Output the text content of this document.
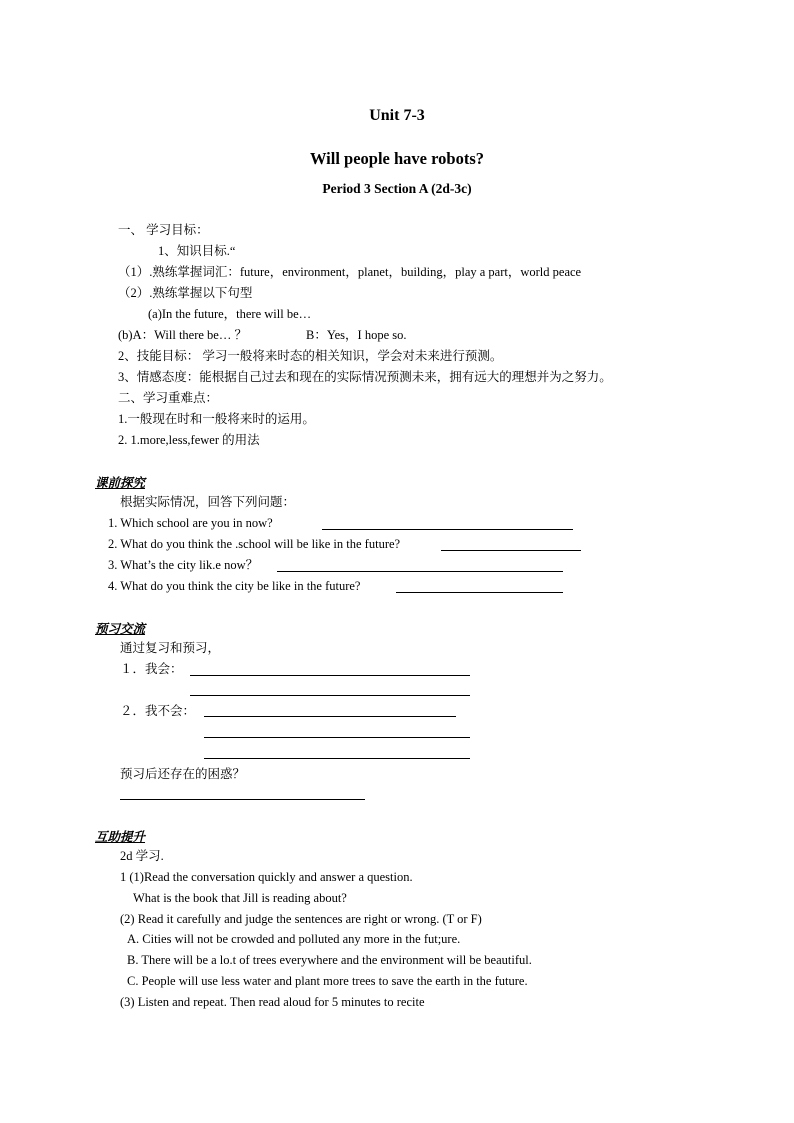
Unit 7-3
Will people have robots?
Period 3 Section A (2d-3c)
一、 学习目标：
1、知识目标.“
（1）.熟练掌握词汇：future，environment，planet，building，play a part，world peace
（2）.熟练掌握以下句型
(a)In the future，there will be…
(b)A：Will there be… ？	B：Yes，I hope so.
2、技能目标： 学习一般将来时态的相关知识，学会对未来进行预测。
3、情感态度：能根据自己过去和现在的实际情况预测未来，拥有远大的理想并为之努力。
二、学习重难点：
1.一般现在时和一般将来时的运用。
2. 1.more,less,fewer 的用法
课前探究
根据实际情况，回答下列问题：
1. Which school are you in now?
2. What do you think the .school will be like in the future?
3. What’s the city lik.e now？
4. What do you think the city be like in the future?
预习交流
通过复习和预习，
１．我会：
２．我不会：
预习后还存在的困惑？
互助提升
2d 学习.
1 (1)Read the conversation quickly and answer a question.
What is the book that Jill is reading about?
(2) Read it carefully and judge the sentences are right or wrong. (T or F)
A. Cities will not be crowded and polluted any more in the fut;ure.
B. There will be a lo.t of trees everywhere and the environment will be beautiful.
C. People will use less water and plant more trees to save the earth in the future.
(3) Listen and repeat. Then read aloud for 5 minutes to recite
